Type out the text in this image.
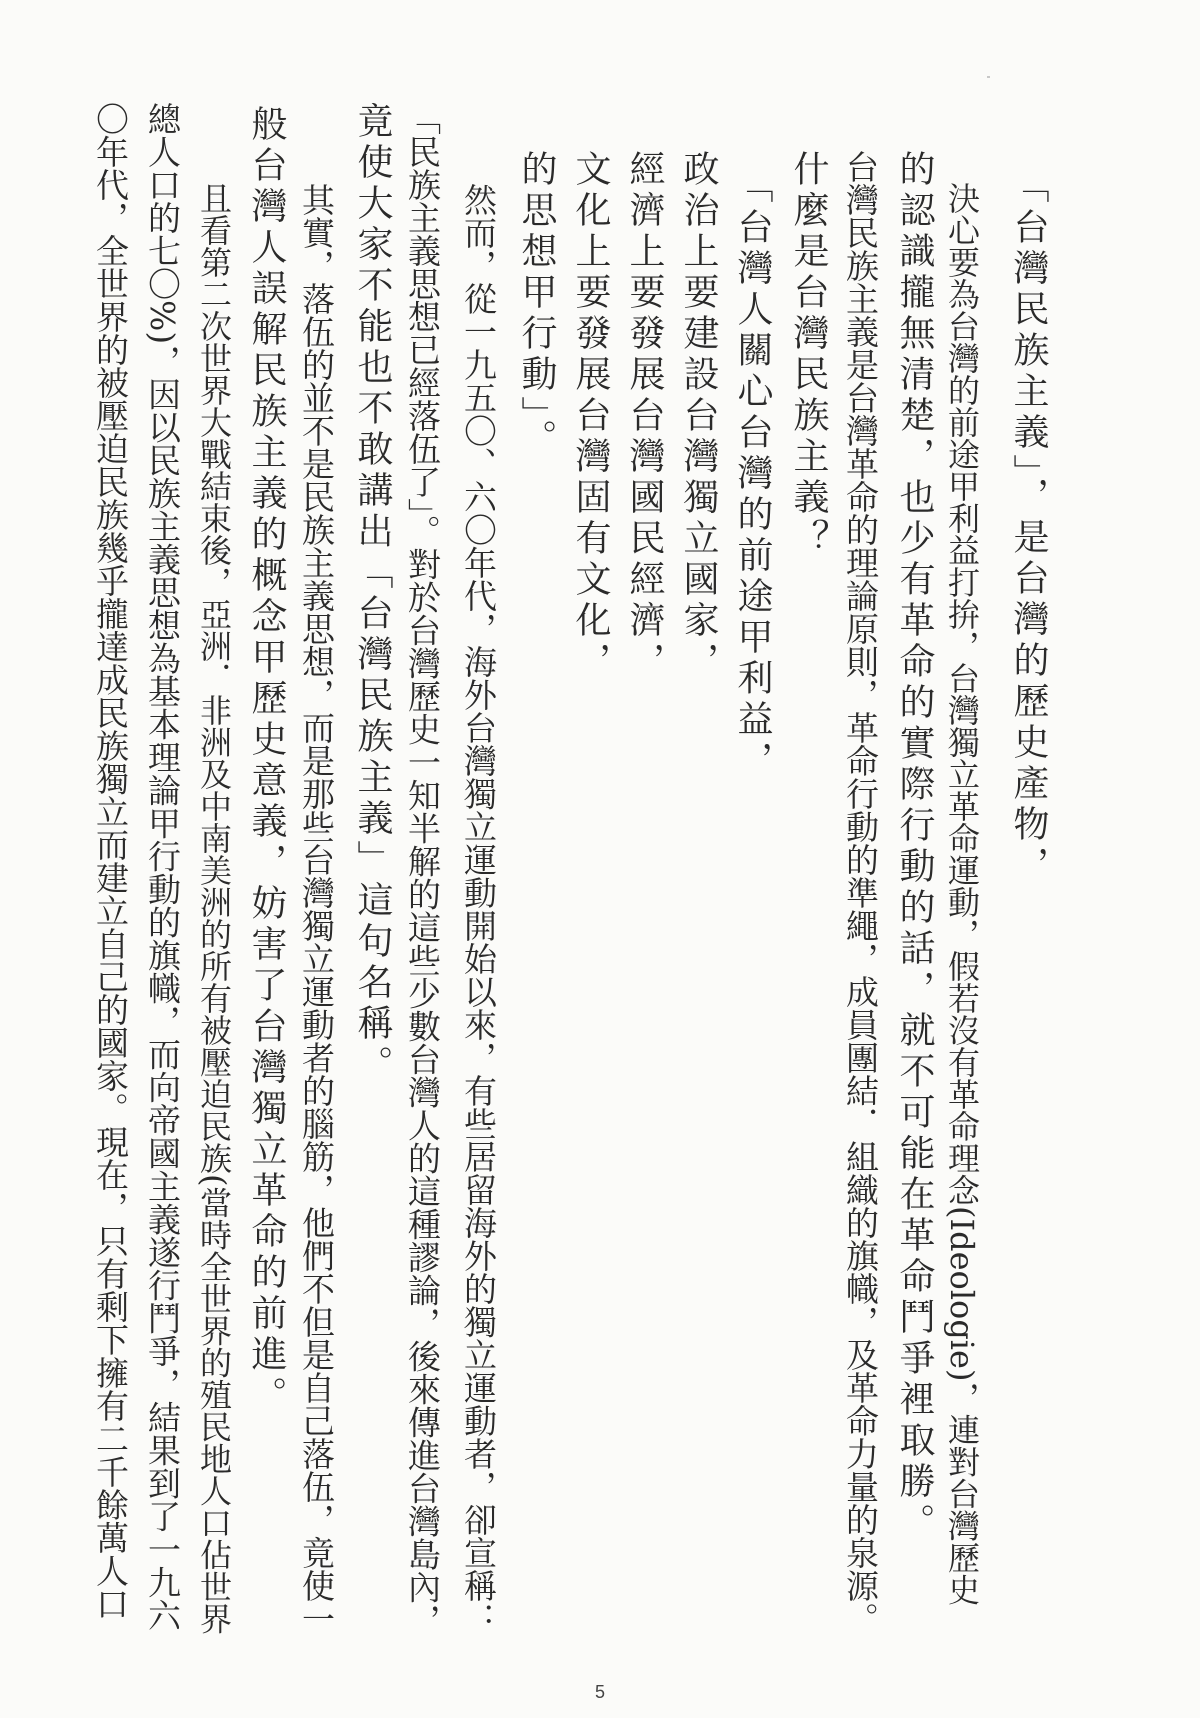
「台灣民族主義」，是台灣的歷史產物，
　決心要為台灣的前途甲利益打拚，台灣獨立革命運動，假若沒有革命理念(Ideologie)，連對台灣歷史
的認識攏無清楚，也少有革命的實際行動的話，就不可能在革命鬥爭裡取勝。
台灣民族主義是台灣革命的理論原則，革命行動的準繩，成員團結．組織的旗幟，及革命力量的泉源。
什麼是台灣民族主義？
「台灣人關心台灣的前途甲利益，
政治上要建設台灣獨立國家，
經濟上要發展台灣國民經濟，
文化上要發展台灣固有文化，
的思想甲行動」。
　然而，從一九五〇、六〇年代，海外台灣獨立運動開始以來，有些居留海外的獨立運動者，卻宣稱：
「民族主義思想已經落伍了」。對於台灣歷史一知半解的這些少數台灣人的這種謬論，後來傳進台灣島內，
竟使大家不能也不敢講出「台灣民族主義」這句名稱。
　其實，落伍的並不是民族主義思想，而是那些台灣獨立運動者的腦筋，他們不但是自己落伍，竟使一
般台灣人誤解民族主義的概念甲歷史意義，妨害了台灣獨立革命的前進。
　且看第二次世界大戰結束後，亞洲．非洲及中南美洲的所有被壓迫民族(當時全世界的殖民地人口佔世界
總人口的七〇%)，因以民族主義思想為基本理論甲行動的旗幟，而向帝國主義遂行鬥爭，結果到了一九六
〇年代，全世界的被壓迫民族幾乎攏達成民族獨立而建立自己的國家。現在，只有剩下擁有二千餘萬人口
5
